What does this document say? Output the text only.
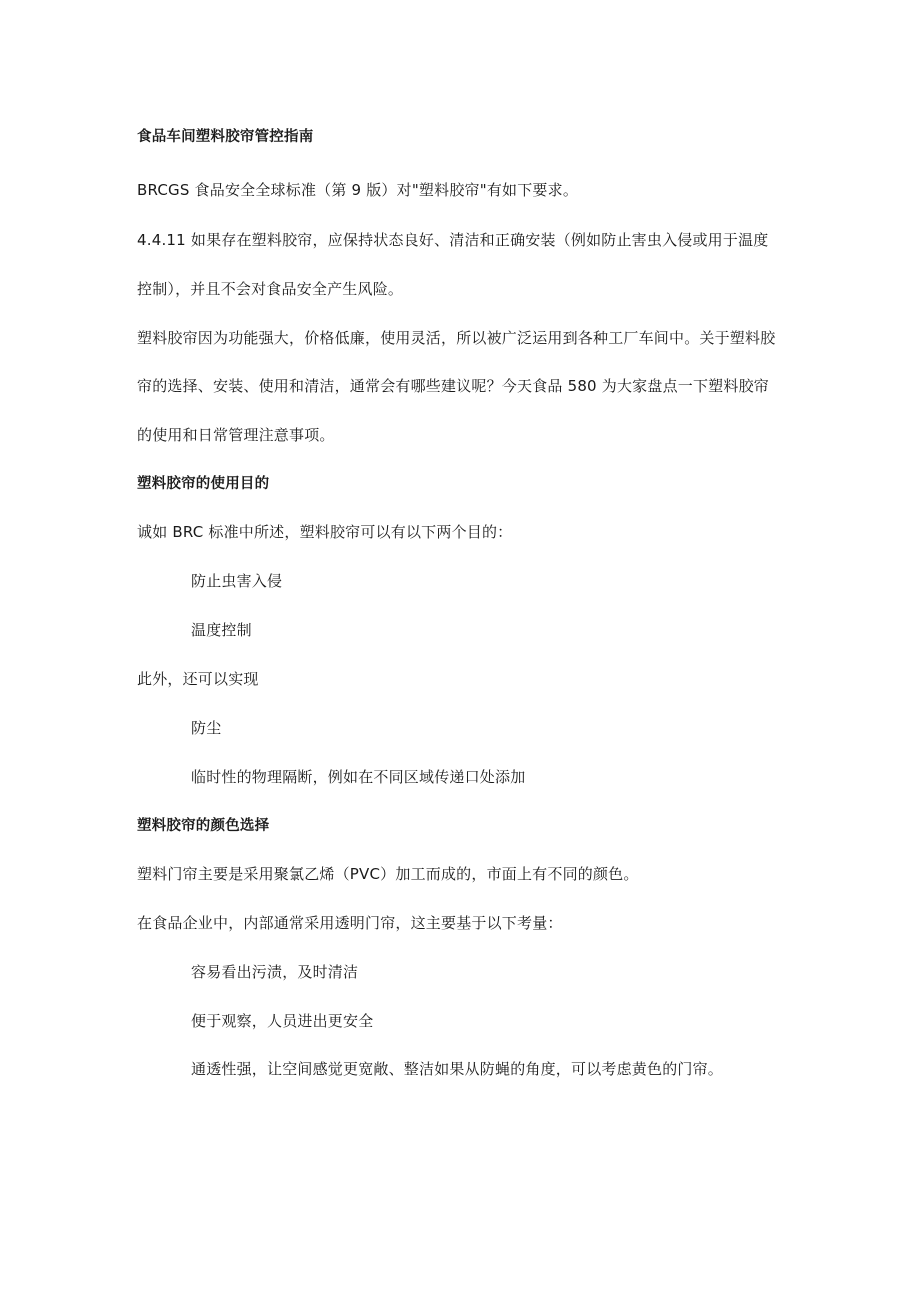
食品车间塑料胶帘管控指南
BRCGS 食品安全全球标准（第 9 版）对"塑料胶帘"有如下要求。
4.4.11 如果存在塑料胶帘，应保持状态良好、清洁和正确安装（例如防止害虫入侵或用于温度
控制），并且不会对食品安全产生风险。
塑料胶帘因为功能强大，价格低廉，使用灵活，所以被广泛运用到各种工厂车间中。关于塑料胶
帘的选择、安装、使用和清洁，通常会有哪些建议呢？今天食品 580 为大家盘点一下塑料胶帘
的使用和日常管理注意事项。
塑料胶帘的使用目的
诚如 BRC 标准中所述，塑料胶帘可以有以下两个目的：
防止虫害入侵
温度控制
此外，还可以实现
防尘
临时性的物理隔断，例如在不同区域传递口处添加
塑料胶帘的颜色选择
塑料门帘主要是采用聚氯乙烯（PVC）加工而成的，市面上有不同的颜色。
在食品企业中，内部通常采用透明门帘，这主要基于以下考量：
容易看出污渍，及时清洁
便于观察，人员进出更安全
通透性强，让空间感觉更宽敞、整洁如果从防蝇的角度，可以考虑黄色的门帘。
